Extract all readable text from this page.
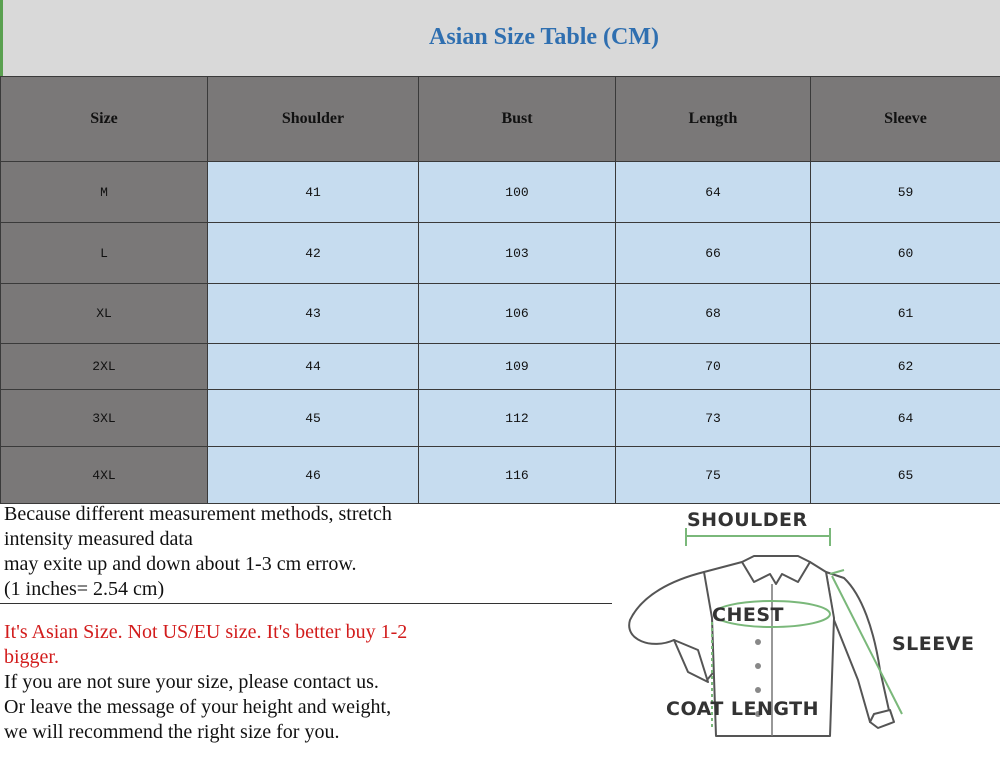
Asian Size Table (CM)
Size	Shoulder	Bust	Length	Sleeve
M	41	100	64	59
L	42	103	66	60
XL	43	106	68	61
2XL	44	109	70	62
3XL	45	112	73	64
4XL	46	116	75	65
Because different measurement methods, stretch
intensity measured data
may exite up and down about 1-3 cm errow.
(1 inches= 2.54 cm)
It's Asian Size. Not US/EU size. It's better buy 1-2
bigger.
If you are not sure your size, please contact us.
Or leave the message of your height and weight,
we will recommend the right size for you.
SHOULDER
CHEST
SLEEVE
COAT LENGTH
